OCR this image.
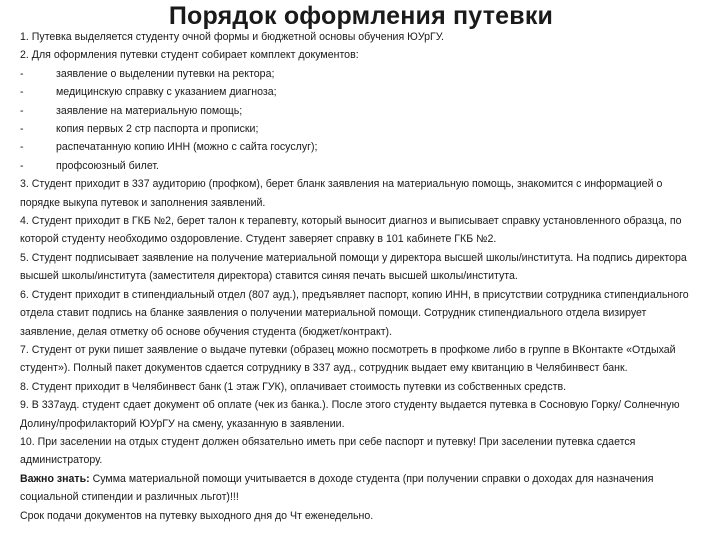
Порядок оформления путевки

1. Путевка выделяется студенту очной формы и бюджетной основы обучения ЮУрГУ.

2. Для оформления путевки студент собирает комплект документов:

-	заявление о выделении путевки на ректора;

-	медицинскую справку с указанием диагноза;

-	заявление на материальную помощь;

-	копия первых 2 стр паспорта и прописки;

-	распечатанную копию ИНН (можно с сайта госуслуг);

-	профсоюзный билет.

3. Студент приходит в 337 аудиторию (профком), берет бланк заявления на материальную помощь, знакомится с информацией о порядке выкупа путевок и заполнения заявлений.

4. Студент приходит в ГКБ №2, берет талон к терапевту, который выносит диагноз и выписывает справку установленного образца, по которой студенту необходимо оздоровление. Студент заверяет справку в 101 кабинете ГКБ №2.

5. Студент подписывает заявление на получение материальной помощи у директора высшей школы/института. На подпись директора высшей школы/института (заместителя директора) ставится синяя печать высшей школы/института.

6. Студент приходит в стипендиальный отдел (807 ауд.), предъявляет паспорт, копию ИНН, в присутствии сотрудника стипендиального отдела ставит подпись на бланке заявления о получении материальной помощи. Сотрудник стипендиального отдела визирует заявление, делая отметку об основе обучения студента (бюджет/контракт).

7. Студент от руки пишет заявление о выдаче путевки (образец можно посмотреть в профкоме либо в группе в ВКонтакте «Отдыхай студент»). Полный пакет документов сдается сотруднику в 337 ауд., сотрудник выдает ему квитанцию в Челябинвест банк.

8. Студент приходит в Челябинвест банк (1 этаж ГУК), оплачивает стоимость путевки из собственных средств.

9. В 337ауд. студент сдает документ об оплате (чек из банка.). После этого студенту выдается путевка в Сосновую Горку/ Солнечную Долину/профилакторий ЮУрГУ на смену, указанную в заявлении.

10. При заселении на отдых студент должен обязательно иметь при себе паспорт и путевку! При заселении путевка сдается администратору.

Важно знать: Сумма материальной помощи учитывается в доходе студента (при получении справки о доходах для назначения социальной стипендии и различных льгот)!!!

Срок подачи документов на путевку выходного дня до Чт еженедельно.
